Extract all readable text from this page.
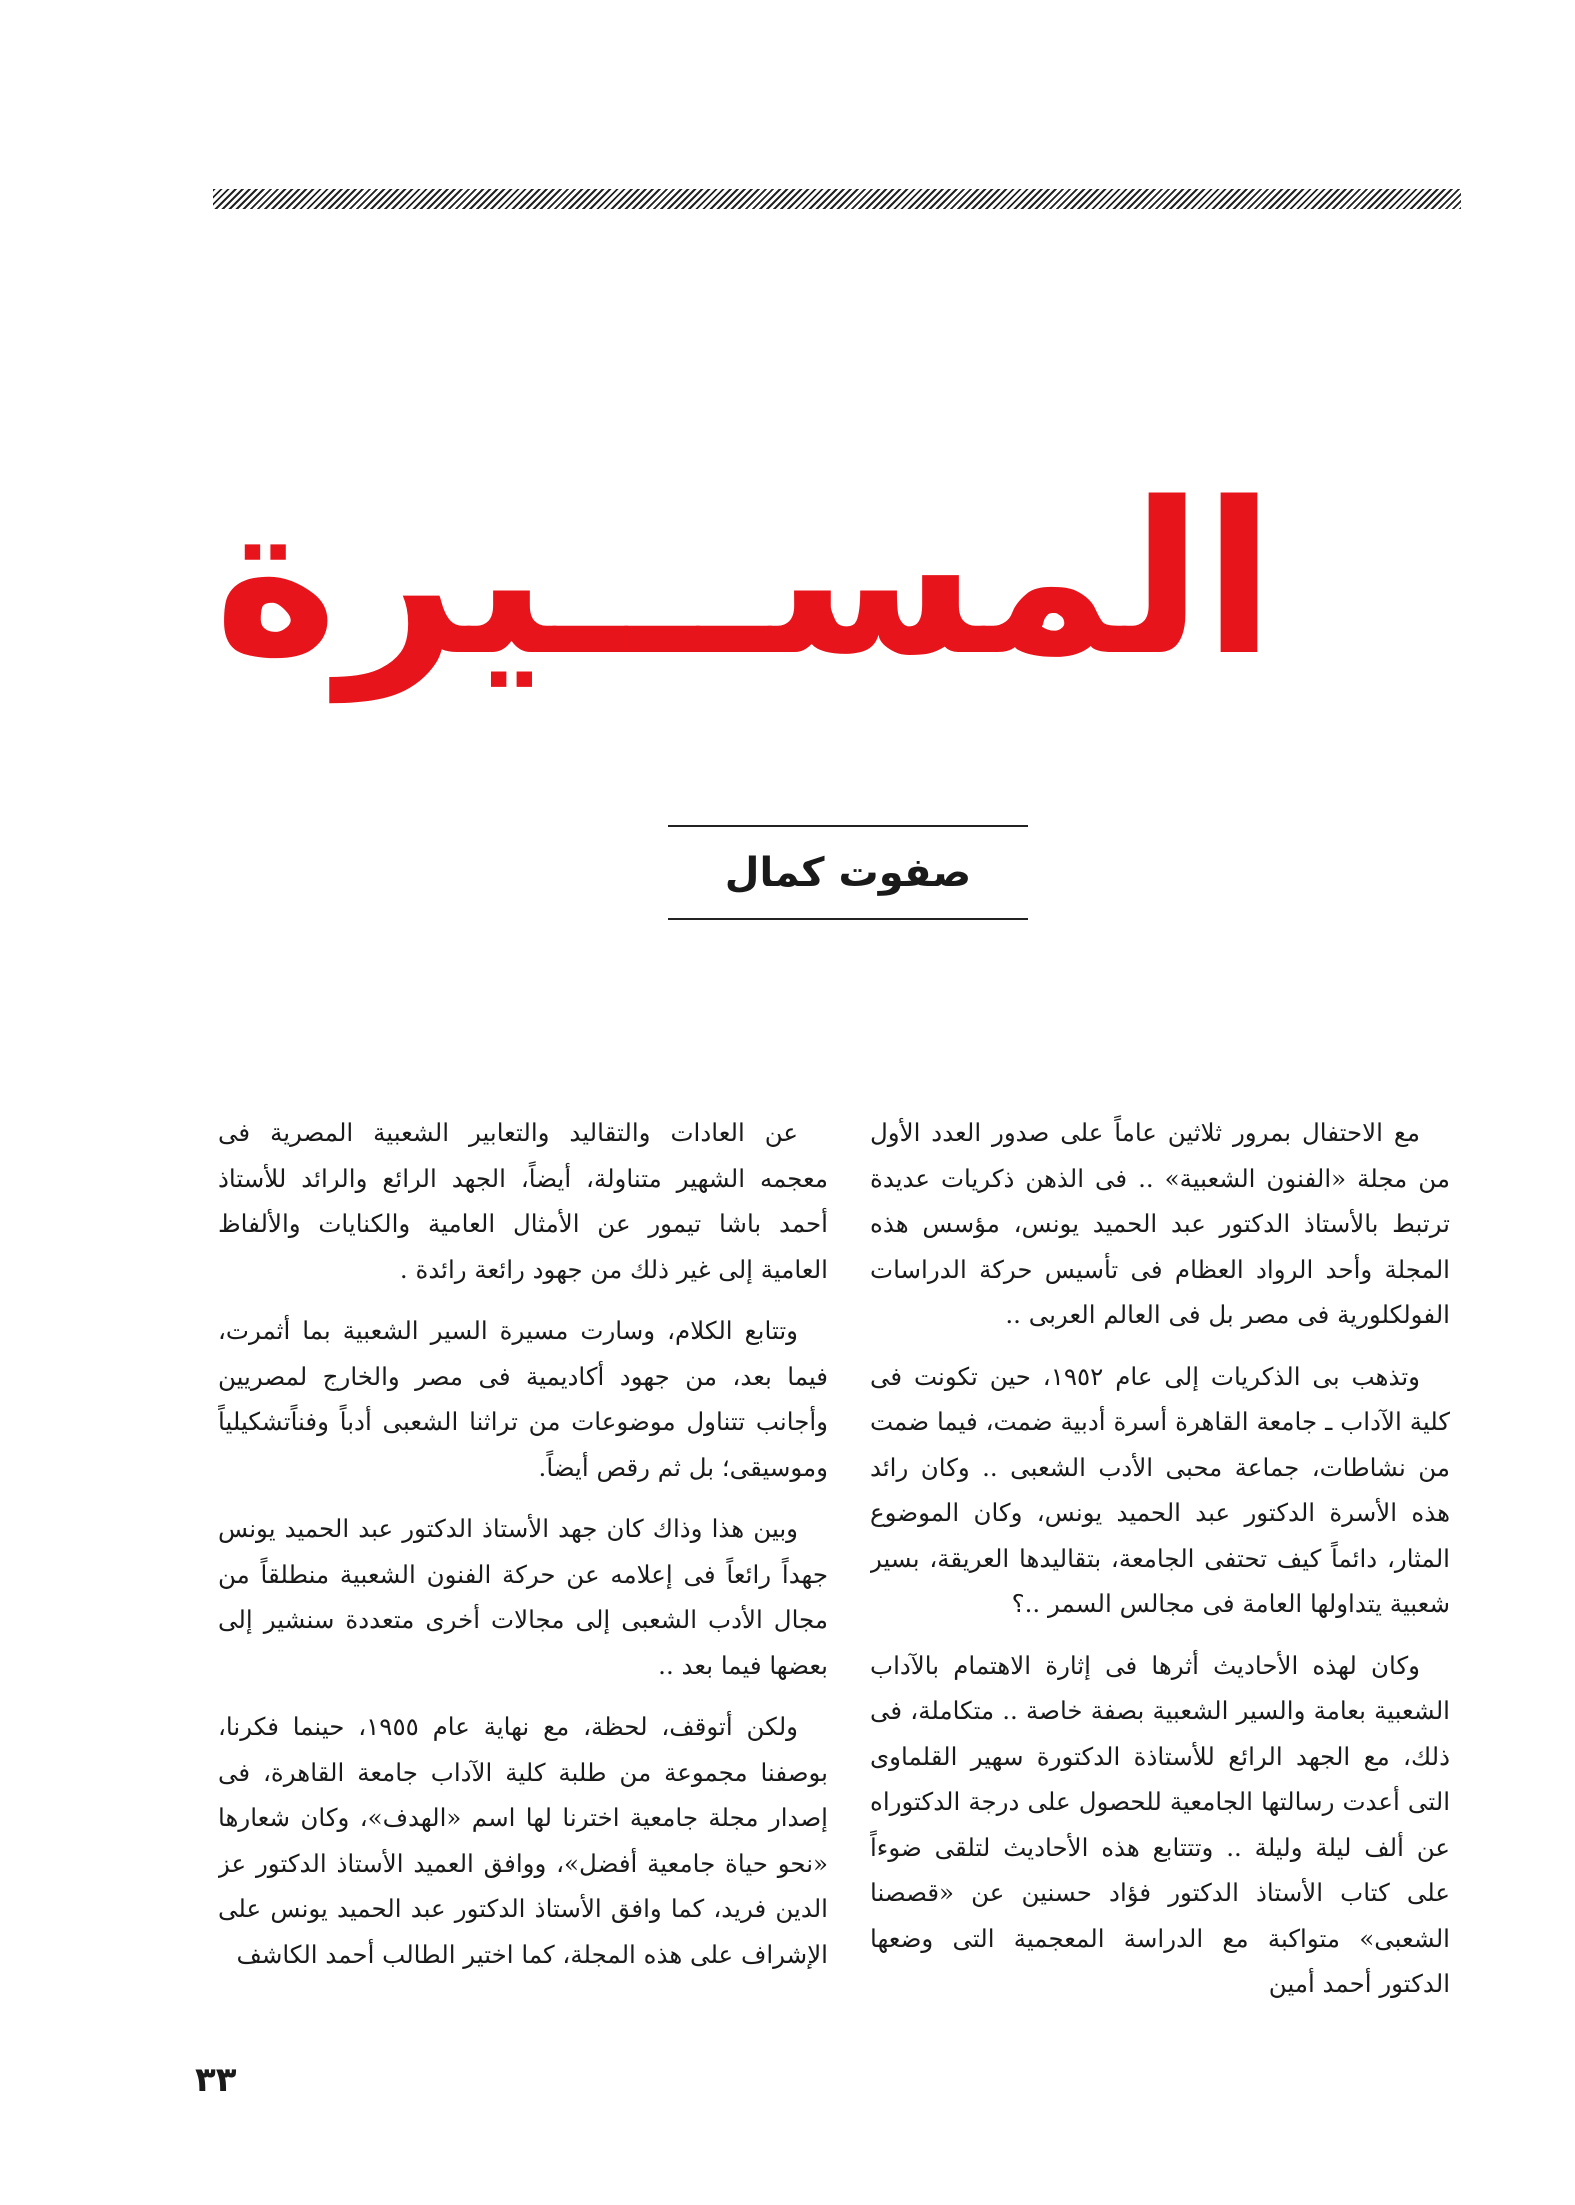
المســـيرة
صفوت كمال

مع الاحتفال بمرور ثلاثين عاماً على صدور العدد الأول من مجلة «الفنون الشعبية» .. فى الذهن ذكريات عديدة ترتبط بالأستاذ الدكتور عبد الحميد يونس، مؤسس هذه المجلة وأحد الرواد العظام فى تأسيس حركة الدراسات الفولكلورية فى مصر بل فى العالم العربى ..

وتذهب بى الذكريات إلى عام ١٩٥٢، حين تكونت فى كلية الآداب ـ جامعة القاهرة أسرة أدبية ضمت، فيما ضمت من نشاطات، جماعة محبى الأدب الشعبى .. وكان رائد هذه الأسرة الدكتور عبد الحميد يونس، وكان الموضوع المثار، دائماً كيف تحتفى الجامعة، بتقاليدها العريقة، بسير شعبية يتداولها العامة فى مجالس السمر ..؟

وكان لهذه الأحاديث أثرها فى إثارة الاهتمام بالآداب الشعبية بعامة والسير الشعبية بصفة خاصة .. متكاملة، فى ذلك، مع الجهد الرائع للأستاذة الدكتورة سهير القلماوى التى أعدت رسالتها الجامعية للحصول على درجة الدكتوراه عن ألف ليلة وليلة .. وتتتابع هذه الأحاديث لتلقى ضوءاً على كتاب الأستاذ الدكتور فؤاد حسنين عن «قصصنا الشعبى» متواكبة مع الدراسة المعجمية التى وضعها الدكتور أحمد أمين

عن العادات والتقاليد والتعابير الشعبية المصرية فى معجمه الشهير متناولة، أيضاً، الجهد الرائع والرائد للأستاذ أحمد باشا تيمور عن الأمثال العامية والكنايات والألفاظ العامية إلى غير ذلك من جهود رائعة رائدة .

وتتابع الكلام، وسارت مسيرة السير الشعبية بما أثمرت، فيما بعد، من جهود أكاديمية فى مصر والخارج لمصريين وأجانب تتناول موضوعات من تراثنا الشعبى أدباً وفناًتشكيلياً وموسيقى؛ بل ثم رقص أيضاً.

وبين هذا وذاك كان جهد الأستاذ الدكتور عبد الحميد يونس جهداً رائعاً فى إعلامه عن حركة الفنون الشعبية منطلقاً من مجال الأدب الشعبى إلى مجالات أخرى متعددة سنشير إلى بعضها فيما بعد ..

ولكن أتوقف، لحظة، مع نهاية عام ١٩٥٥، حينما فكرنا، بوصفنا مجموعة من طلبة كلية الآداب جامعة القاهرة، فى إصدار مجلة جامعية اخترنا لها اسم «الهدف»، وكان شعارها «نحو حياة جامعية أفضل»، ووافق العميد الأستاذ الدكتور عز الدين فريد، كما وافق الأستاذ الدكتور عبد الحميد يونس على الإشراف على هذه المجلة، كما اختير الطالب أحمد الكاشف

٣٣
